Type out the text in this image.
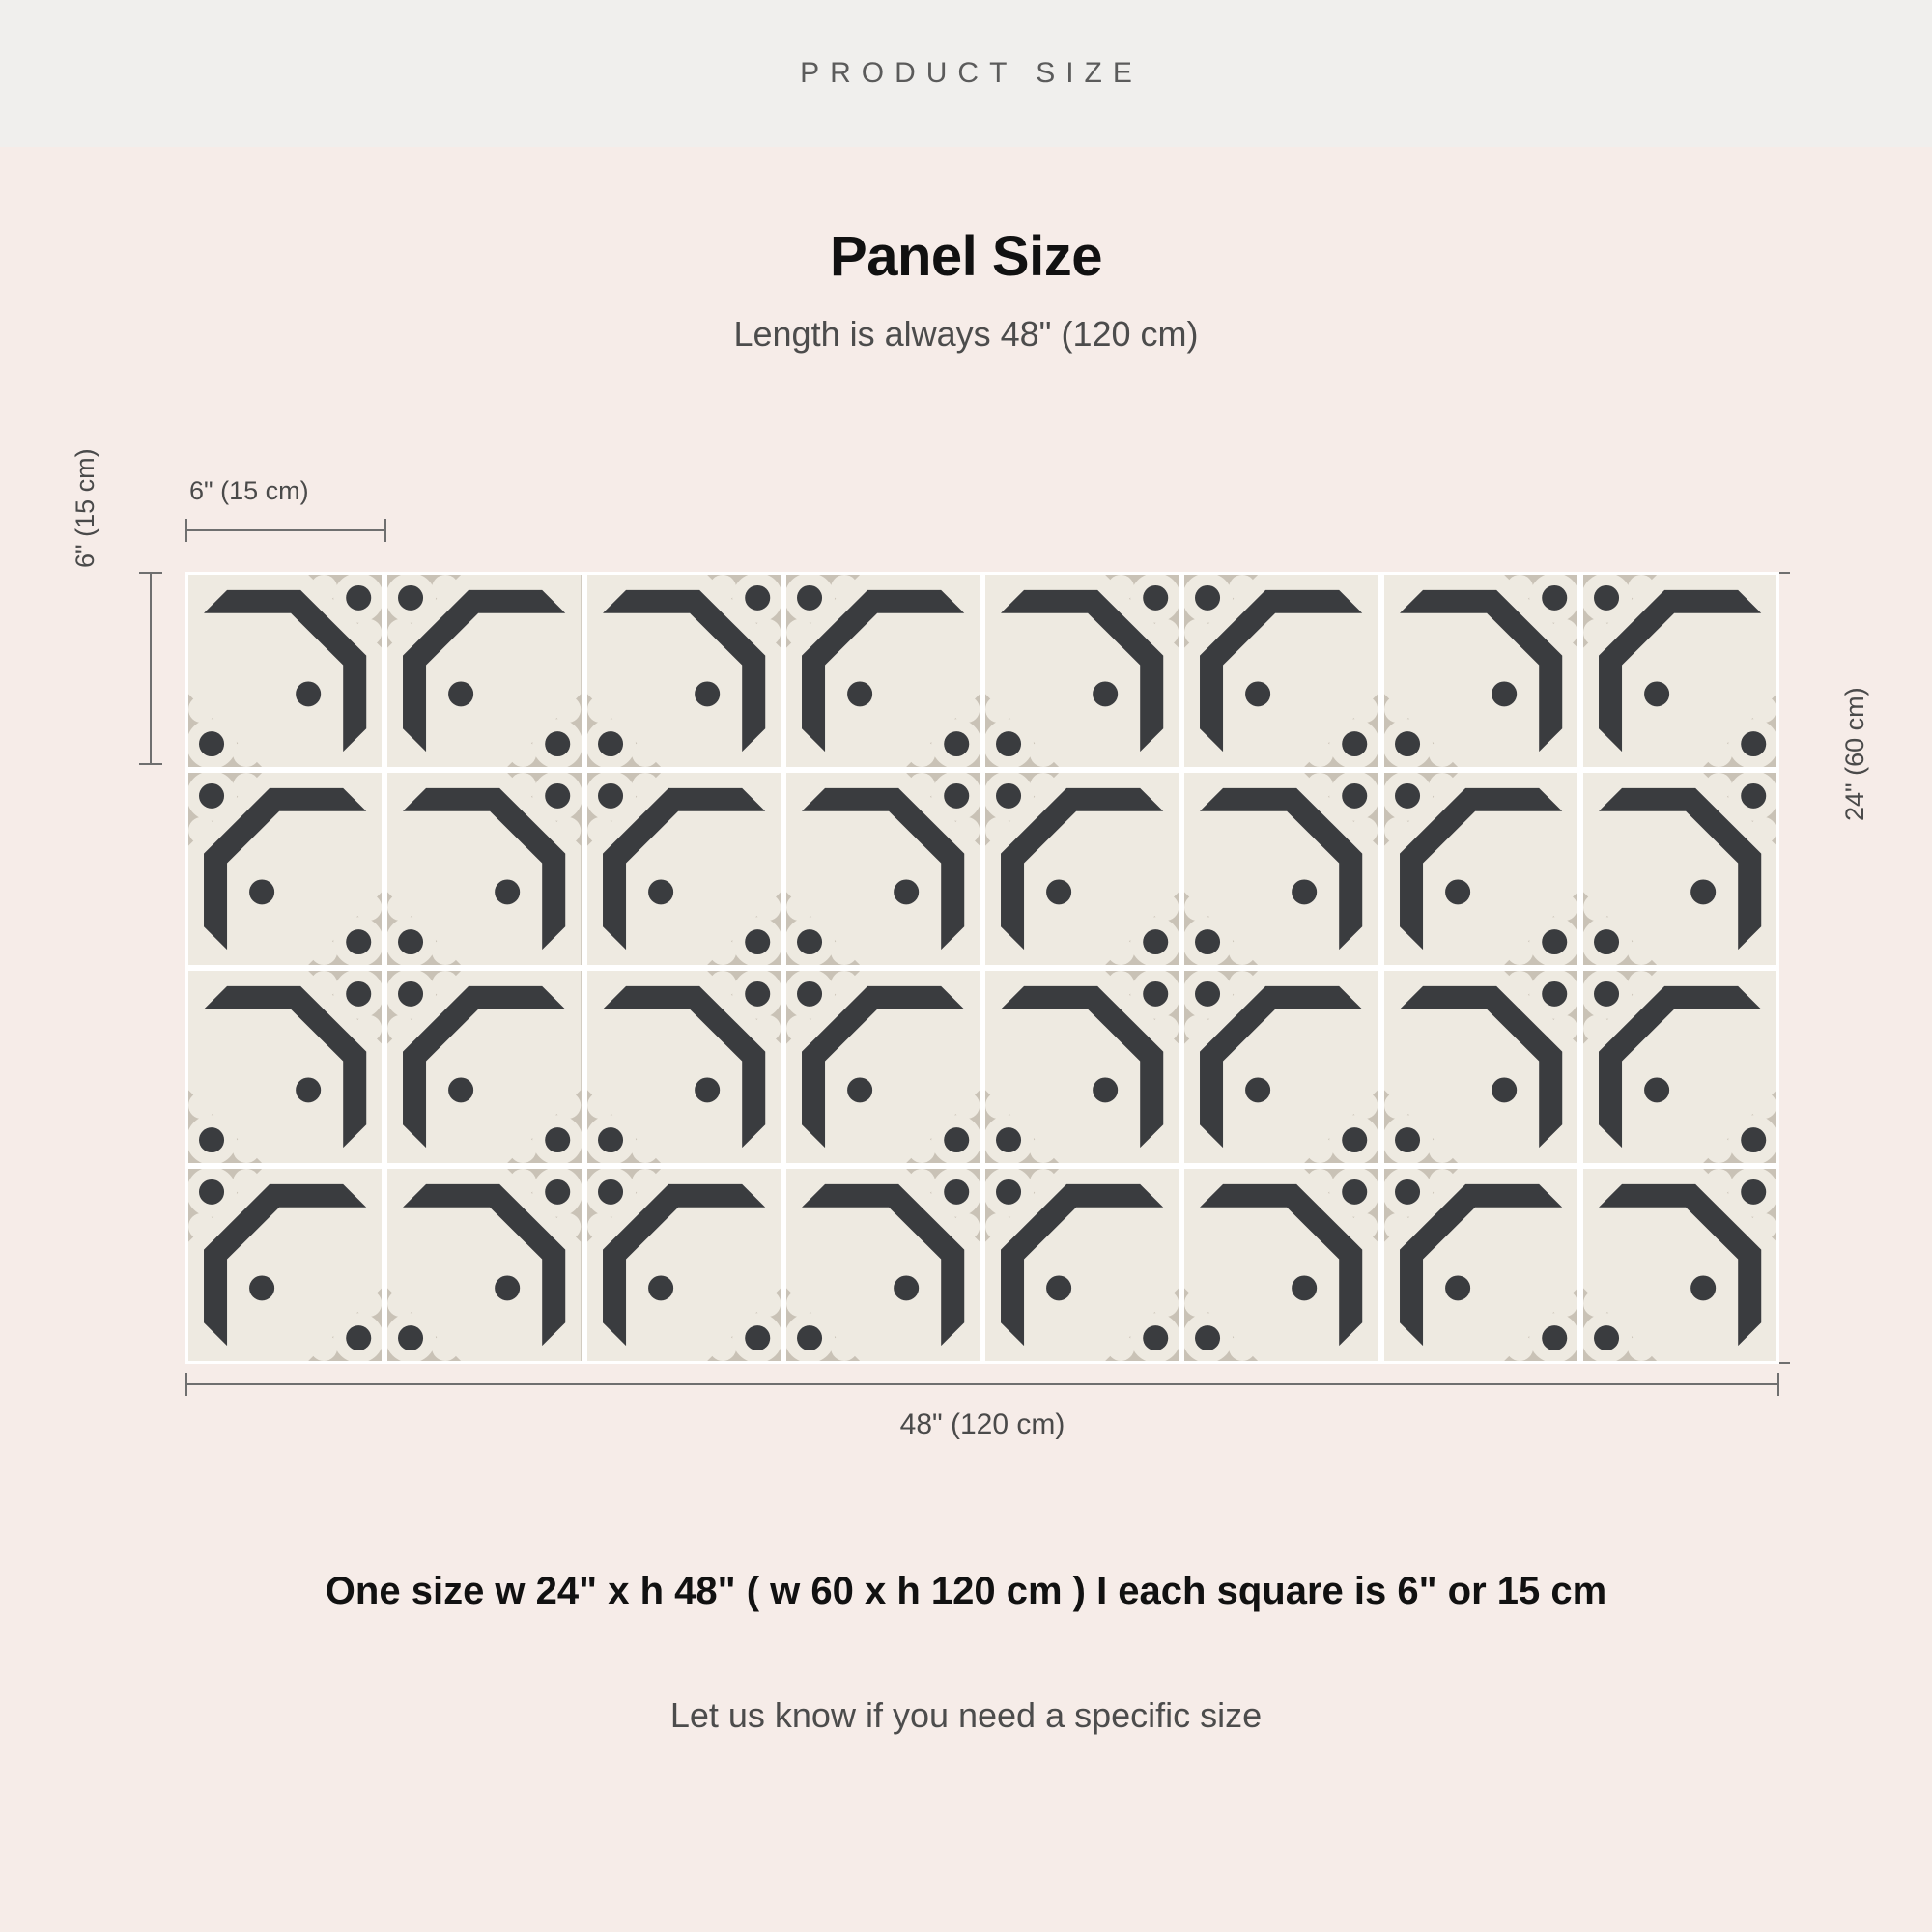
PRODUCT SIZE
Panel Size
Length is always 48" (120 cm)
6" (15 cm)
6" (15 cm)
24" (60 cm)
48" (120 cm)
One size w 24" x h 48" ( w 60 x h 120 cm ) I each square is 6" or 15 cm
Let us know if you need a specific size
